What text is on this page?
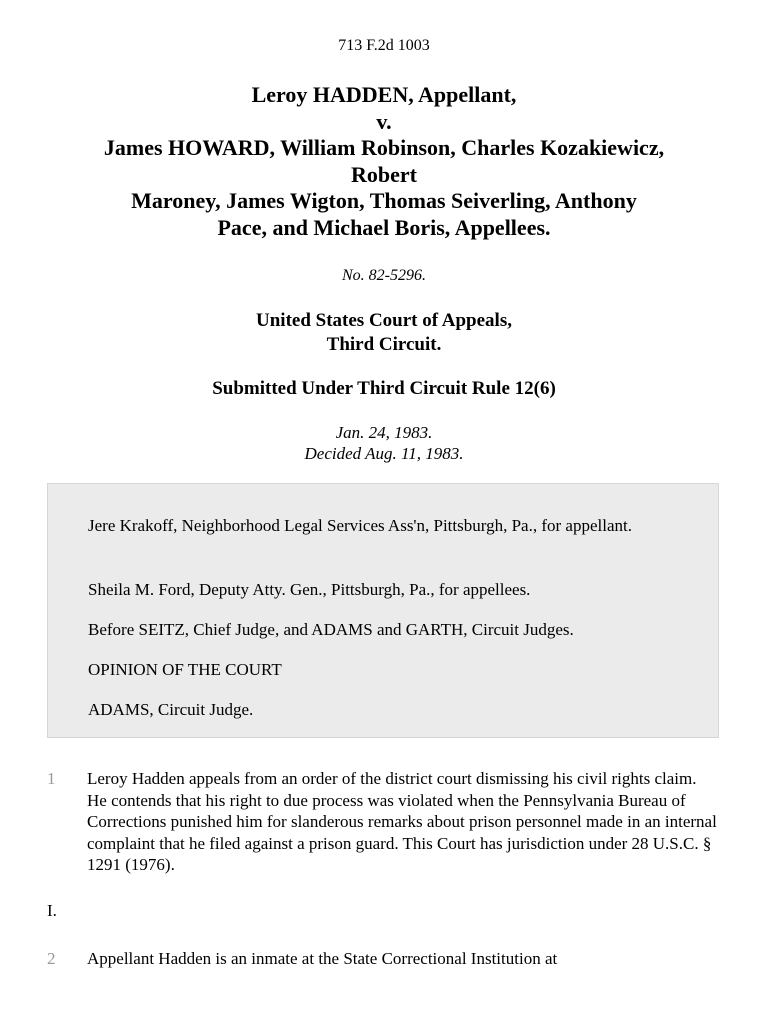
713 F.2d 1003
Leroy HADDEN, Appellant,
v.
James HOWARD, William Robinson, Charles Kozakiewicz,
Robert
Maroney, James Wigton, Thomas Seiverling, Anthony
Pace, and Michael Boris, Appellees.
No. 82-5296.
United States Court of Appeals,
Third Circuit.
Submitted Under Third Circuit Rule 12(6)
Jan. 24, 1983.
Decided Aug. 11, 1983.

Jere Krakoff, Neighborhood Legal Services Ass'n, Pittsburgh, Pa., for appellant.

Sheila M. Ford, Deputy Atty. Gen., Pittsburgh, Pa., for appellees.

Before SEITZ, Chief Judge, and ADAMS and GARTH, Circuit Judges.

OPINION OF THE COURT

ADAMS, Circuit Judge.

1 Leroy Hadden appeals from an order of the district court dismissing his civil rights claim. He contends that his right to due process was violated when the Pennsylvania Bureau of Corrections punished him for slanderous remarks about prison personnel made in an internal complaint that he filed against a prison guard. This Court has jurisdiction under 28 U.S.C. § 1291 (1976).
I.
2 Appellant Hadden is an inmate at the State Correctional Institution at
